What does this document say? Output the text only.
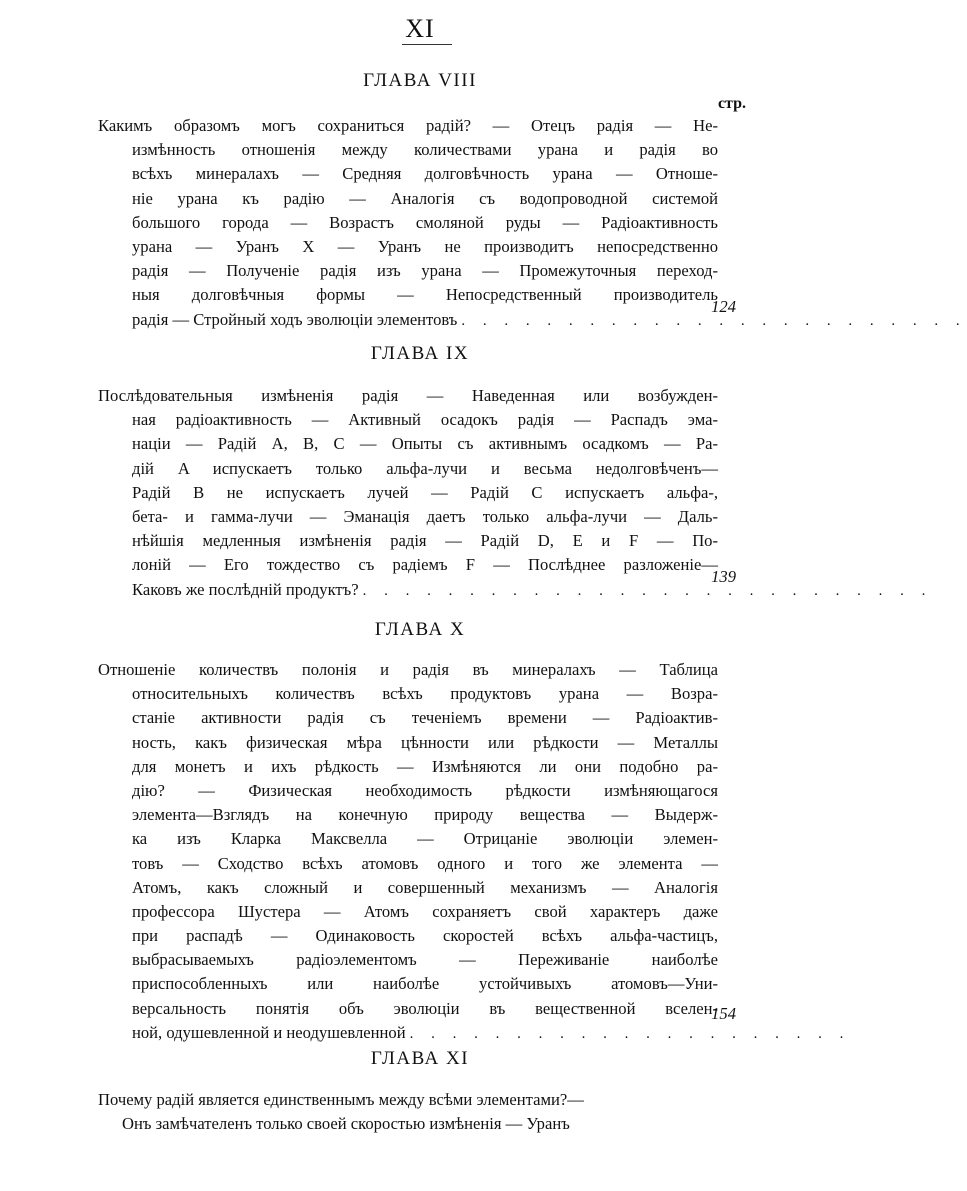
XI
ГЛАВА VIII
стр.
Какимъ образомъ могъ сохраниться радій? — Отецъ радія — Не-
измѣнность отношенія между количествами урана и радія во
всѣхъ минералахъ — Средняя долговѣчность урана — Отноше-
ніе урана къ радію — Аналогія съ водопроводной системой
большого города — Возрастъ смоляной руды — Радіоактивность
урана — Уранъ X — Уранъ не производитъ непосредственно
радія — Полученіе радія изъ урана — Промежуточныя переход-
ныя долговѣчныя формы — Непосредственный производитель
радія — Стройный ходъ эволюціи элементовъ . . . . . . . . . . . . . . . . . . . . . . . .
124
ГЛАВА IX
Послѣдовательныя измѣненія радія — Наведенная или возбужден-
ная радіоактивность — Активный осадокъ радія — Распадъ эма-
націи — Радій A, B, C — Опыты съ активнымъ осадкомъ — Ра-
дій A испускаетъ только альфа-лучи и весьма недолговѣченъ—
Радій B не испускаетъ лучей — Радій C испускаетъ альфа-,
бета- и гамма-лучи — Эманація даетъ только альфа-лучи — Даль-
нѣйшія медленныя измѣненія радія — Радій D, E и F — По-
лоній — Его тождество съ радіемъ F — Послѣднее разложеніе—
Каковъ же послѣдній продуктъ? . . . . . . . . . . . . . . . . . . . . . . . . . . .
139
ГЛАВА X
Отношеніе количествъ полонія и радія въ минералахъ — Таблица
относительныхъ количествъ всѣхъ продуктовъ урана — Возра-
станіе активности радія съ теченіемъ времени — Радіоактив-
ность, какъ физическая мѣра цѣнности или рѣдкости — Металлы
для монетъ и ихъ рѣдкость — Измѣняются ли они подобно ра-
дію? — Физическая необходимость рѣдкости измѣняющагося
элемента—Взглядъ на конечную природу вещества — Выдерж-
ка изъ Кларка Максвелла — Отрицаніе эволюціи элемен-
товъ — Сходство всѣхъ атомовъ одного и того же элемента —
Атомъ, какъ сложный и совершенный механизмъ — Аналогія
профессора Шустера — Атомъ сохраняетъ свой характеръ даже
при распадѣ — Одинаковость скоростей всѣхъ альфа-частицъ,
выбрасываемыхъ радіоэлементомъ — Переживаніе наиболѣе
приспособленныхъ или наиболѣе устойчивыхъ атомовъ—Уни-
версальность понятія объ эволюціи въ вещественной вселен-
ной, одушевленной и неодушевленной . . . . . . . . . . . . . . . . . . . . .
154
ГЛАВА XI
Почему радій является единственнымъ между всѣми элементами?—
Онъ замѣчателенъ только своей скоростью измѣненія — Уранъ
